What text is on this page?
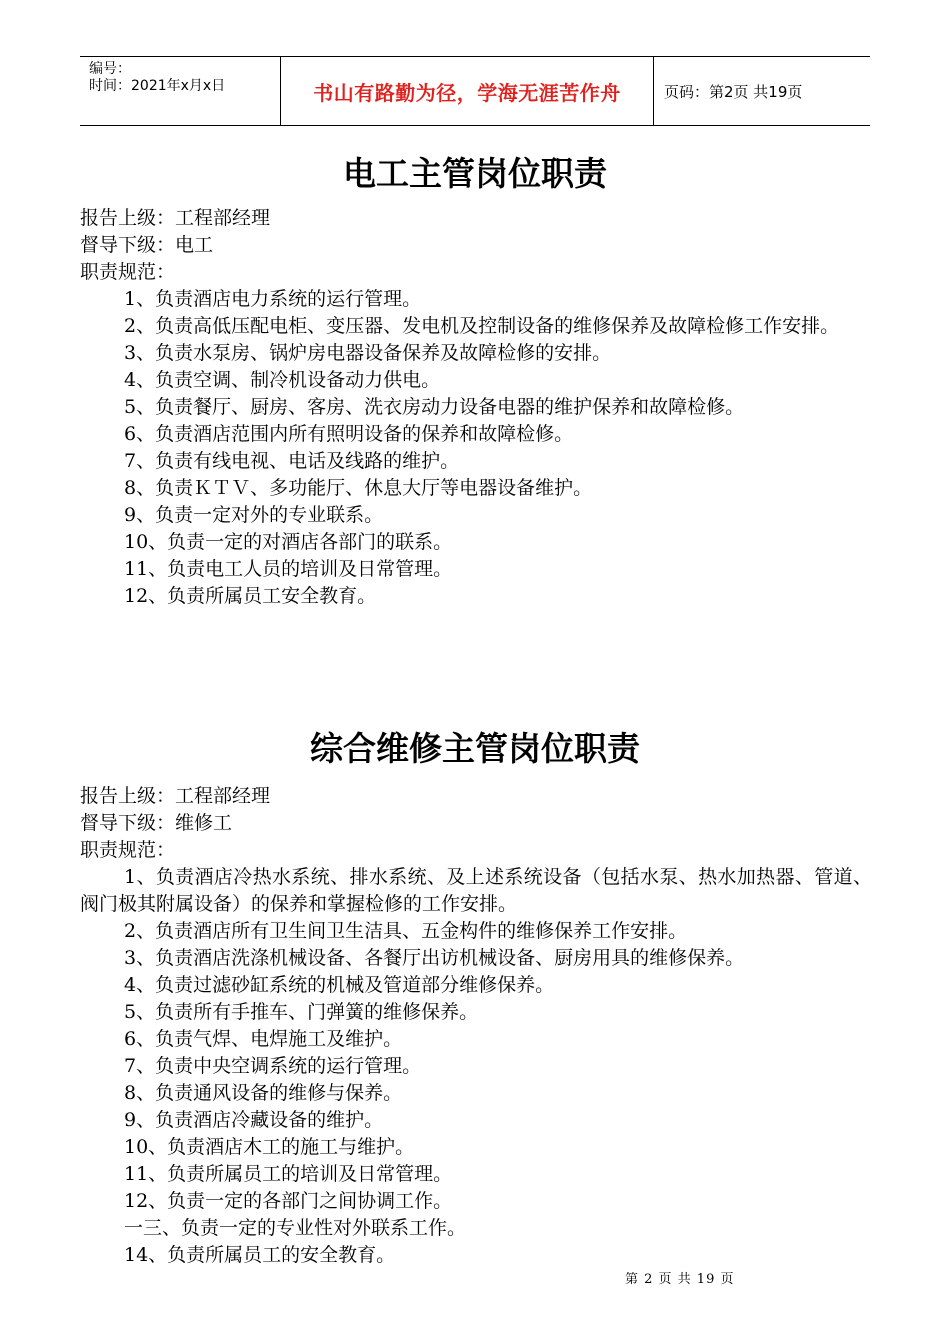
编号：
时间：2021年x月x日	书山有路勤为径，学海无涯苦作舟	页码：第2页 共19页
电工主管岗位职责
报告上级：工程部经理
督导下级：电工
职责规范：
1、负责酒店电力系统的运行管理。
2、负责高低压配电柜、变压器、发电机及控制设备的维修保养及故障检修工作安排。
3、负责水泵房、锅炉房电器设备保养及故障检修的安排。
4、负责空调、制冷机设备动力供电。
5、负责餐厅、厨房、客房、洗衣房动力设备电器的维护保养和故障检修。
6、负责酒店范围内所有照明设备的保养和故障检修。
7、负责有线电视、电话及线路的维护。
8、负责ＫＴＶ、多功能厅、休息大厅等电器设备维护。
9、负责一定对外的专业联系。
10、负责一定的对酒店各部门的联系。
11、负责电工人员的培训及日常管理。
12、负责所属员工安全教育。
综合维修主管岗位职责
报告上级：工程部经理
督导下级：维修工
职责规范：
1、负责酒店冷热水系统、排水系统、及上述系统设备（包括水泵、热水加热器、管道、阀门极其附属设备）的保养和掌握检修的工作安排。
2、负责酒店所有卫生间卫生洁具、五金构件的维修保养工作安排。
3、负责酒店洗涤机械设备、各餐厅出访机械设备、厨房用具的维修保养。
4、负责过滤砂缸系统的机械及管道部分维修保养。
5、负责所有手推车、门弹簧的维修保养。
6、负责气焊、电焊施工及维护。
7、负责中央空调系统的运行管理。
8、负责通风设备的维修与保养。
9、负责酒店冷藏设备的维护。
10、负责酒店木工的施工与维护。
11、负责所属员工的培训及日常管理。
12、负责一定的各部门之间协调工作。
一三、负责一定的专业性对外联系工作。
14、负责所属员工的安全教育。
第 2 页 共 19 页
